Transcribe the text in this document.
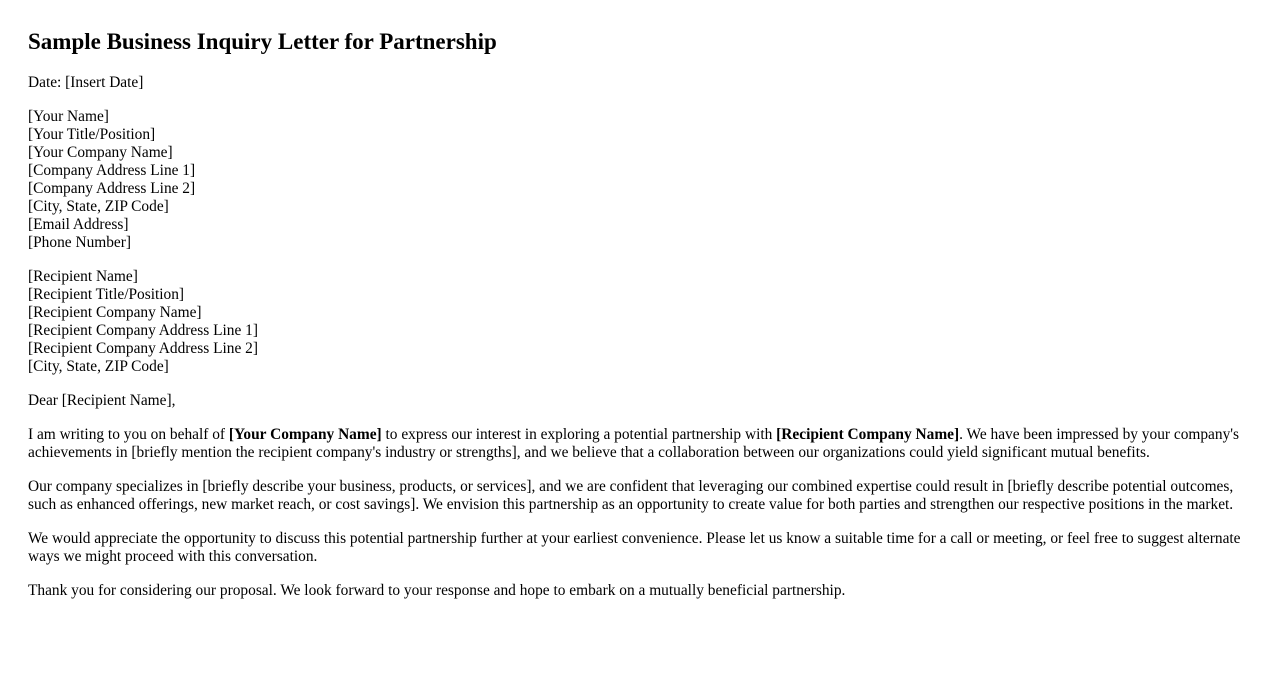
Sample Business Inquiry Letter for Partnership

Date: [Insert Date]

[Your Name]
[Your Title/Position]
[Your Company Name]
[Company Address Line 1]
[Company Address Line 2]
[City, State, ZIP Code]
[Email Address]
[Phone Number]

[Recipient Name]
[Recipient Title/Position]
[Recipient Company Name]
[Recipient Company Address Line 1]
[Recipient Company Address Line 2]
[City, State, ZIP Code]

Dear [Recipient Name],

I am writing to you on behalf of [Your Company Name] to express our interest in exploring a potential partnership with [Recipient Company Name]. We have been impressed by your company's achievements in [briefly mention the recipient company's industry or strengths], and we believe that a collaboration between our organizations could yield significant mutual benefits.

Our company specializes in [briefly describe your business, products, or services], and we are confident that leveraging our combined expertise could result in [briefly describe potential outcomes, such as enhanced offerings, new market reach, or cost savings]. We envision this partnership as an opportunity to create value for both parties and strengthen our respective positions in the market.

We would appreciate the opportunity to discuss this potential partnership further at your earliest convenience. Please let us know a suitable time for a call or meeting, or feel free to suggest alternate ways we might proceed with this conversation.

Thank you for considering our proposal. We look forward to your response and hope to embark on a mutually beneficial partnership.
